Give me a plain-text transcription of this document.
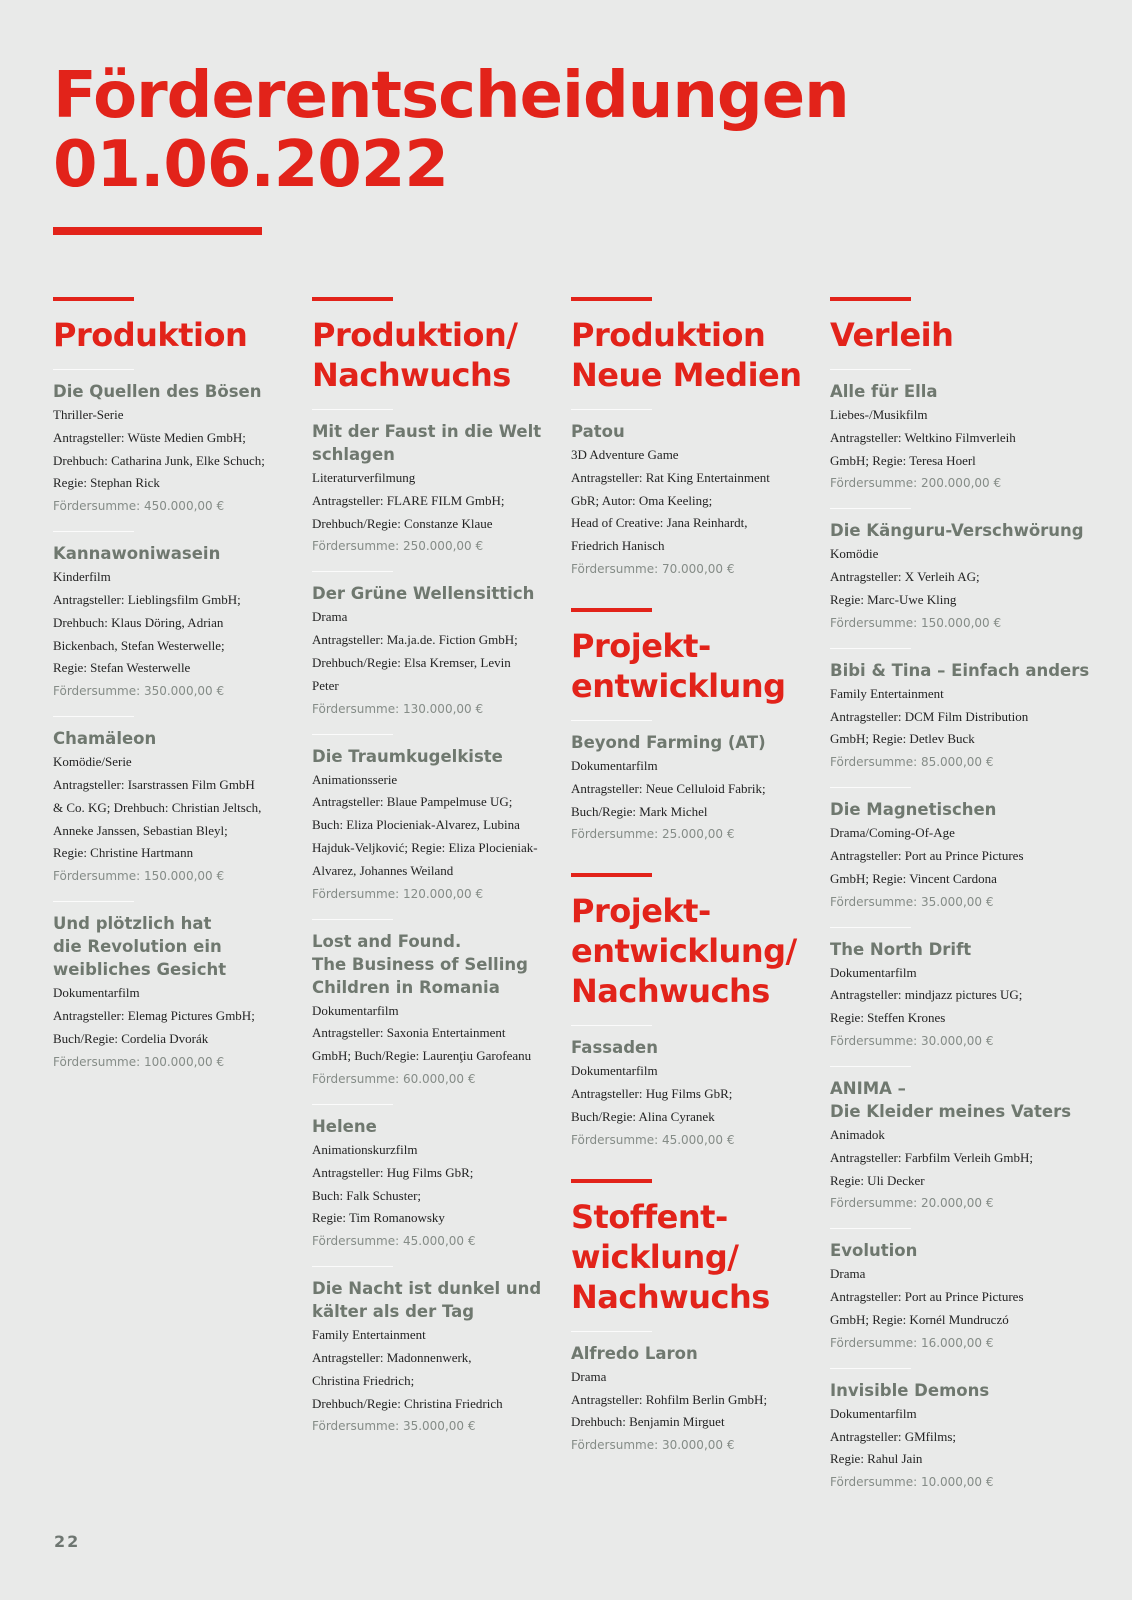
Förderentscheidungen
01.06.2022
Produktion
Die Quellen des Bösen
Thriller-Serie
Antragsteller: Wüste Medien GmbH;
Drehbuch: Catharina Junk, Elke Schuch;
Regie: Stephan Rick
Fördersumme: 450.000,00 €
Kannawoniwasein
Kinderfilm
Antragsteller: Lieblingsfilm GmbH;
Drehbuch: Klaus Döring, Adrian
Bickenbach, Stefan Westerwelle;
Regie: Stefan Westerwelle
Fördersumme: 350.000,00 €
Chamäleon
Komödie/Serie
Antragsteller: Isarstrassen Film GmbH
& Co. KG; Drehbuch: Christian Jeltsch,
Anneke Janssen, Sebastian Bleyl;
Regie: Christine Hartmann
Fördersumme: 150.000,00 €
Und plötzlich hat
die Revolution ein
weibliches Gesicht
Dokumentarfilm
Antragsteller: Elemag Pictures GmbH;
Buch/Regie: Cordelia Dvorák
Fördersumme: 100.000,00 €
Produktion/
Nachwuchs
Mit der Faust in die Welt
schlagen
Literaturverfilmung
Antragsteller: FLARE FILM GmbH;
Drehbuch/Regie: Constanze Klaue
Fördersumme: 250.000,00 €
Der Grüne Wellensittich
Drama
Antragsteller: Ma.ja.de. Fiction GmbH;
Drehbuch/Regie: Elsa Kremser, Levin
Peter
Fördersumme: 130.000,00 €
Die Traumkugelkiste
Animationsserie
Antragsteller: Blaue Pampelmuse UG;
Buch: Eliza Plocieniak-Alvarez, Lubina
Hajduk-Veljković; Regie: Eliza Plocieniak-
Alvarez, Johannes Weiland
Fördersumme: 120.000,00 €
Lost and Found.
The Business of Selling
Children in Romania
Dokumentarfilm
Antragsteller: Saxonia Entertainment
GmbH; Buch/Regie: Laurenţiu Garofeanu
Fördersumme: 60.000,00 €
Helene
Animationskurzfilm
Antragsteller: Hug Films GbR;
Buch: Falk Schuster;
Regie: Tim Romanowsky
Fördersumme: 45.000,00 €
Die Nacht ist dunkel und
kälter als der Tag
Family Entertainment
Antragsteller: Madonnenwerk,
Christina Friedrich;
Drehbuch/Regie: Christina Friedrich
Fördersumme: 35.000,00 €
Produktion
Neue Medien
Patou
3D Adventure Game
Antragsteller: Rat King Entertainment
GbR; Autor: Oma Keeling;
Head of Creative: Jana Reinhardt,
Friedrich Hanisch
Fördersumme: 70.000,00 €
Projekt-
entwicklung
Beyond Farming (AT)
Dokumentarfilm
Antragsteller: Neue Celluloid Fabrik;
Buch/Regie: Mark Michel
Fördersumme: 25.000,00 €
Projekt-
entwicklung/
Nachwuchs
Fassaden
Dokumentarfilm
Antragsteller: Hug Films GbR;
Buch/Regie: Alina Cyranek
Fördersumme: 45.000,00 €
Stoffent-
wicklung/
Nachwuchs
Alfredo Laron
Drama
Antragsteller: Rohfilm Berlin GmbH;
Drehbuch: Benjamin Mirguet
Fördersumme: 30.000,00 €
Verleih
Alle für Ella
Liebes-/Musikfilm
Antragsteller: Weltkino Filmverleih
GmbH; Regie: Teresa Hoerl
Fördersumme: 200.000,00 €
Die Känguru-Verschwörung
Komödie
Antragsteller: X Verleih AG;
Regie: Marc-Uwe Kling
Fördersumme: 150.000,00 €
Bibi & Tina – Einfach anders
Family Entertainment
Antragsteller: DCM Film Distribution
GmbH; Regie: Detlev Buck
Fördersumme: 85.000,00 €
Die Magnetischen
Drama/Coming-Of-Age
Antragsteller: Port au Prince Pictures
GmbH; Regie: Vincent Cardona
Fördersumme: 35.000,00 €
The North Drift
Dokumentarfilm
Antragsteller: mindjazz pictures UG;
Regie: Steffen Krones
Fördersumme: 30.000,00 €
ANIMA –
Die Kleider meines Vaters
Animadok
Antragsteller: Farbfilm Verleih GmbH;
Regie: Uli Decker
Fördersumme: 20.000,00 €
Evolution
Drama
Antragsteller: Port au Prince Pictures
GmbH; Regie: Kornél Mundruczó
Fördersumme: 16.000,00 €
Invisible Demons
Dokumentarfilm
Antragsteller: GMfilms;
Regie: Rahul Jain
Fördersumme: 10.000,00 €
22
